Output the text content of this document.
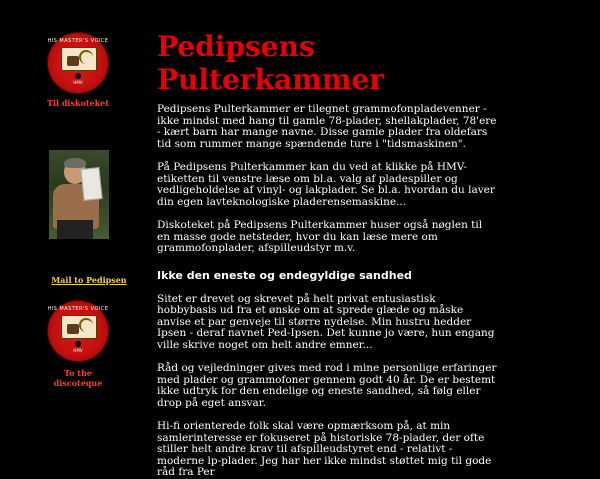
HIS MASTER'S VOICE
HMV
Til diskoteket
Mail to Pedipsen
HIS MASTER'S VOICE
HMV
To the
discoteque
Pedipsens
Pulterkammer

Pedipsens Pulterkammer er tilegnet grammofonpladevenner - ikke mindst med hang til gamle 78-plader, shellakplader, 78'ere - kært barn har mange navne. Disse gamle plader fra oldefars tid som rummer mange spændende ture i "tidsmaskinen".

På Pedipsens Pulterkammer kan du ved at klikke på HMV-etiketten til venstre læse om bl.a. valg af pladespiller og vedligeholdelse af vinyl- og lakplader. Se bl.a. hvordan du laver din egen lavteknologiske pladerensemaskine...

Diskoteket på Pedipsens Pulterkammer huser også nøglen til en masse gode netsteder, hvor du kan læse mere om grammofonplader, afspilleudstyr m.v.

Ikke den eneste og endegyldige sandhed

Sitet er drevet og skrevet på helt privat entusiastisk hobbybasis ud fra et ønske om at sprede glæde og måske anvise et par genveje til større nydelse. Min hustru hedder Ipsen - deraf navnet Ped-Ipsen. Det kunne jo være, hun engang ville skrive noget om helt andre emner...

Råd og vejledninger gives med rod i mine personlige erfaringer med plader og grammofoner gennem godt 40 år. De er bestemt ikke udtryk for den endelige og eneste sandhed, så følg eller drop på eget ansvar.

Hi-fi orienterede folk skal være opmærksom på, at min samlerinteresse er fokuseret på historiske 78-plader, der ofte stiller helt andre krav til afspilleudstyret end - relativt - moderne lp-plader. Jeg har her ikke mindst støttet mig til gode råd fra Per
